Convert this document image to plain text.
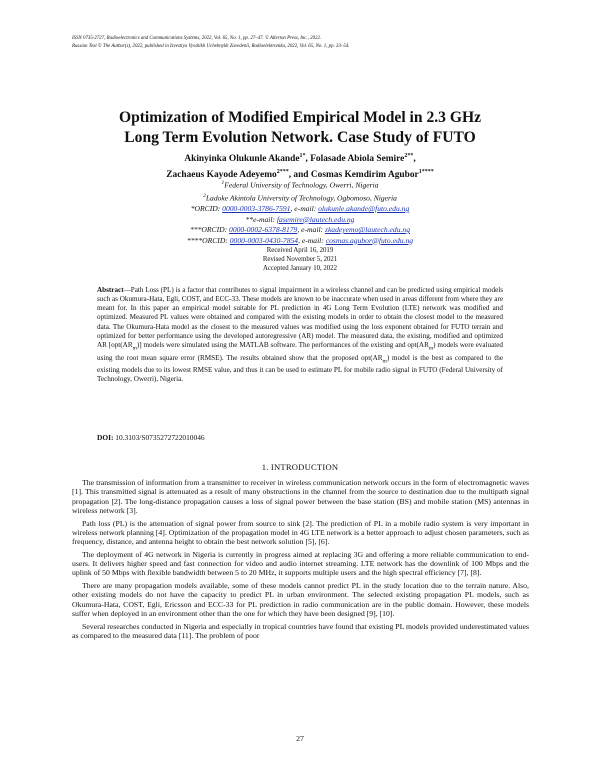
ISSN 0735-2727, Radioelectronics and Communications Systems, 2022, Vol. 65, No. 1, pp. 27–47. © Allerton Press, Inc., 2022.
Russian Text © The Author(s), 2022, published in Izvestiya Vysshikh Uchebnykh Zavedenii, Radioelektronika, 2022, Vol. 65, No. 1, pp. 33–54.
Optimization of Modified Empirical Model in 2.3 GHz
Long Term Evolution Network. Case Study of FUTO
Akinyinka Olukunle Akande$^{1*}$, Folasade Abiola Semire$^{2**}$,
Zachaeus Kayode Adeyemo$^{2***}$, and Cosmas Kemdirim Agubor$^{1****}$
$^1$Federal University of Technology, Owerri, Nigeria
$^2$Ladoke Akintola University of Technology, Ogbomoso, Nigeria
*ORCID: 0000-0003-3786-7591, e-mail: olukunle.akande@futo.edu.ng
**e-mail: fasemire@lautech.edu.ng
***ORCID: 0000-0002-6378-8179, e-mail: zkadeyemo@lautech.edu.ng
****ORCID: 0000-0003-0430-7854, e-mail: cosmas.agubor@futo.edu.ng
Received April 16, 2019
Revised November 5, 2021
Accepted January 10, 2022
Abstract—Path Loss (PL) is a factor that contributes to signal impairment in a wireless channel and can be predicted using empirical models such as Okumura-Hata, Egli, COST, and ECC-33. These models are known to be inaccurate when used in areas different from where they are meant for. In this paper an empirical model suitable for PL prediction in 4G Long Term Evolution (LTE) network was modified and optimized. Measured PL values were obtained and compared with the existing models in order to obtain the closest model to the measured data. The Okumura-Hata model as the closest to the measured values was modified using the loss exponent obtained for FUTO terrain and optimized for better performance using the developed autoregressive (AR) model. The measured data, the existing, modified and optimized AR $[opt(AR_m)]$ models were simulated using the MATLAB software. The performances of the existing and $opt(AR_m)$ models were evaluated using the root mean square error (RMSE). The results obtained show that the proposed $opt(AR_m)$ model is the best as compared to the existing models due to its lowest RMSE value, and thus it can be used to estimate PL for mobile radio signal in FUTO (Federal University of Technology, Owerri), Nigeria.
DOI: 10.3103/S0735272722010046
1. INTRODUCTION

The transmission of information from a transmitter to receiver in wireless communication network occurs in the form of electromagnetic waves [1]. This transmitted signal is attenuated as a result of many obstructions in the channel from the source to destination due to the multipath signal propagation [2]. The long-distance propagation causes a loss of signal power between the base station (BS) and mobile station (MS) antennas in wireless network [3].

Path loss (PL) is the attenuation of signal power from source to sink [2]. The prediction of PL in a mobile radio system is very important in wireless network planning [4]. Optimization of the propagation model in 4G LTE network is a better approach to adjust chosen parameters, such as frequency, distance, and antenna height to obtain the best network solution [5], [6].

The deployment of 4G network in Nigeria is currently in progress aimed at replacing 3G and offering a more reliable communication to end-users. It delivers higher speed and fast connection for video and audio internet streaming. LTE network has the downlink of 100 Mbps and the uplink of 50 Mbps with flexible bandwidth between 5 to 20 MHz, it supports multiple users and the high spectral efficiency [7], [8].

There are many propagation models available, some of these models cannot predict PL in the study location due to the terrain nature. Also, other existing models do not have the capacity to predict PL in urban environment. The selected existing propagation PL models, such as Okumura-Hata, COST, Egli, Ericsson and ECC-33 for PL prediction in radio communication are in the public domain. However, these models suffer when deployed in an environment other than the one for which they have been designed [9], [10].

Several researches conducted in Nigeria and especially in tropical countries have found that existing PL models provided underestimated values as compared to the measured data [11]. The problem of poor

27
